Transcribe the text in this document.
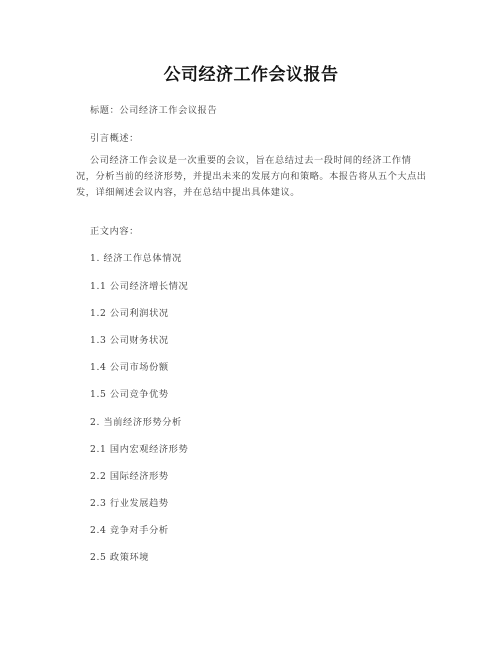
公司经济工作会议报告
标题：公司经济工作会议报告
引言概述：
公司经济工作会议是一次重要的会议，旨在总结过去一段时间的经济工作情况，分析当前的经济形势，并提出未来的发展方向和策略。本报告将从五个大点出发，详细阐述会议内容，并在总结中提出具体建议。
正文内容：
1. 经济工作总体情况
1.1 公司经济增长情况
1.2 公司利润状况
1.3 公司财务状况
1.4 公司市场份额
1.5 公司竞争优势
2. 当前经济形势分析
2.1 国内宏观经济形势
2.2 国际经济形势
2.3 行业发展趋势
2.4 竞争对手分析
2.5 政策环境
